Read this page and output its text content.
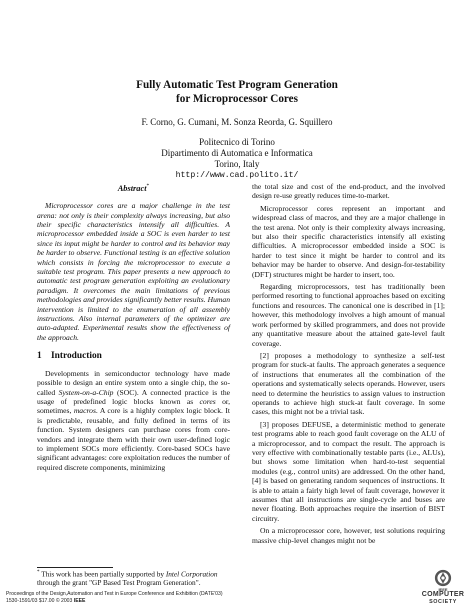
Fully Automatic Test Program Generation
for Microprocessor Cores
F. Corno, G. Cumani, M. Sonza Reorda, G. Squillero
Politecnico di Torino
Dipartimento di Automatica e Informatica
Torino, Italy
http://www.cad.polito.it/
Abstract*

Microprocessor cores are a major challenge in the test arena: not only is their complexity always increasing, but also their specific characteristics intensify all difficulties. A microprocessor embedded inside a SOC is even harder to test since its input might be harder to control and its behavior may be harder to observe. Functional testing is an effective solution which consists in forcing the microprocessor to execute a suitable test program. This paper presents a new approach to automatic test program generation exploiting an evolutionary paradigm. It overcomes the main limitations of previous methodologies and provides significantly better results. Human intervention is limited to the enumeration of all assembly instructions. Also internal parameters of the optimizer are auto-adapted. Experimental results show the effectiveness of the approach.

1 Introduction

Developments in semiconductor technology have made possible to design an entire system onto a single chip, the so-called System-on-a-Chip (SOC). A connected practice is the usage of predefined logic blocks known as cores or, sometimes, macros. A core is a highly complex logic block. It is predictable, reusable, and fully defined in terms of its function. System designers can purchase cores from core-vendors and integrate them with their own user-defined logic to implement SOCs more efficiently. Core-based SOCs have significant advantages: core exploitation reduces the number of required discrete components, minimizing

* This work has been partially supported by Intel Corporation through the grant "GP Based Test Program Generation".

the total size and cost of the end-product, and the involved design re-use greatly reduces time-to-market.

Microprocessor cores represent an important and widespread class of macros, and they are a major challenge in the test arena. Not only is their complexity always increasing, but also their specific characteristics intensify all existing difficulties. A microprocessor embedded inside a SOC is harder to test since it might be harder to control and its behavior may be harder to observe. And design-for-testability (DFT) structures might be harder to insert, too.

Regarding microprocessors, test has traditionally been performed resorting to functional approaches based on exciting functions and resources. The canonical one is described in [1]; however, this methodology involves a high amount of manual work performed by skilled programmers, and does not provide any quantitative measure about the attained gate-level fault coverage.

[2] proposes a methodology to synthesize a self-test program for stuck-at faults. The approach generates a sequence of instructions that enumerates all the combination of the operations and systematically selects operands. However, users need to determine the heuristics to assign values to instruction operands to achieve high stuck-at fault coverage. In some cases, this might not be a trivial task.

[3] proposes DEFUSE, a deterministic method to generate test programs able to reach good fault coverage on the ALU of a microprocessor, and to compact the result. The approach is very effective with combinationally testable parts (i.e., ALUs), but shows some limitation when hard-to-test sequential modules (e.g., control units) are addressed. On the other hand, [4] is based on generating random sequences of instructions. It is able to attain a fairly high level of fault coverage, however it assumes that all instructions are single-cycle and buses are never floating. Both approaches require the insertion of BIST circuitry.

On a microprocessor core, however, test solutions requiring massive chip-level changes might not be

Proceedings of the Design,Automation and Test in Europe Conference and Exhibition (DATE'03)
1530-1591/03 $17.00 © 2003 IEEE
IEEE
COMPUTER
SOCIETY
